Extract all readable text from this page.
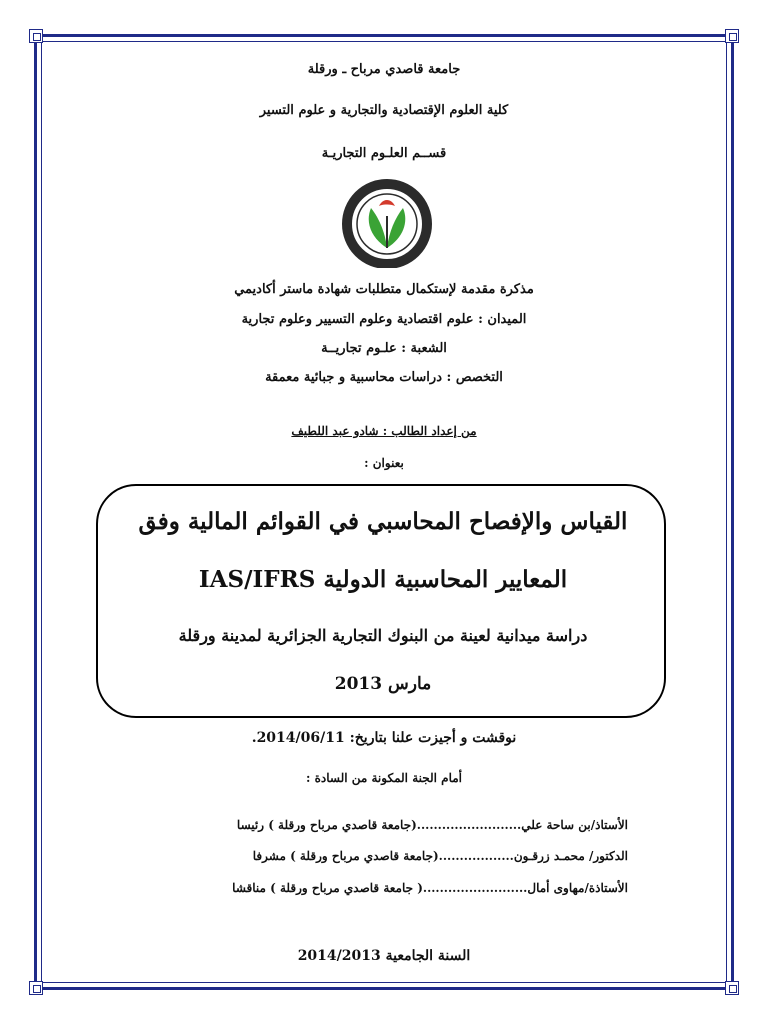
جامعة قاصدي مرباح ـ ورقلة
كلية العلوم الإقتصادية والتجارية و علوم التسير
قســم العلـوم التجاريـة
مذكرة مقدمة لإستكمال متطلبات شهادة ماستر أكاديمي
الميدان : علوم اقتصادية وعلوم التسيير وعلوم تجارية
الشعبة : علـوم تجاريــة
التخصص : دراسات محاسبية و جبائية معمقة
من إعداد الطالب : شادو عبد اللطيف
بعنوان :
القياس والإفصاح المحاسبي في القوائم المالية وفق
المعايير المحاسبية الدولية IAS/IFRS
دراسة ميدانية لعينة من البنوك التجارية الجزائرية لمدينة ورقلة
مارس 2013
نوقشت و أجيزت علنا بتاريخ: 2014/06/11.
أمام الجنة المكونة من السادة :
الأستاذ/بن ساحة علي.........................(جامعة قاصدي مرباح ورقلة ) رئيسا
الدكتور/ محمـد زرقـون..................(جامعة قاصدي مرباح ورقلة ) مشرفا
الأستاذة/مهاوى أمال.........................( جامعة قاصدي مرباح ورقلة ) مناقشا
السنة الجامعية 2014/2013
